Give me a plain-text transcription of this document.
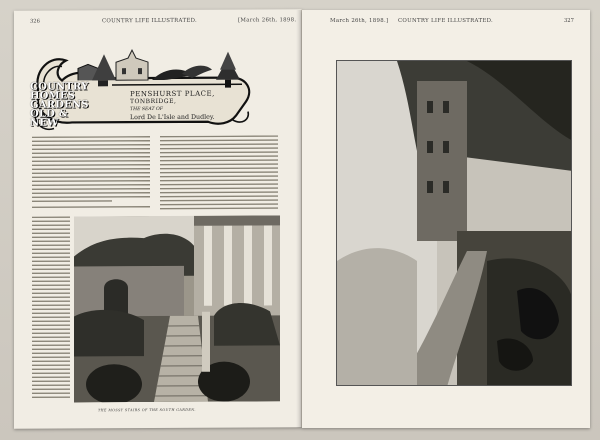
326	COUNTRY LIFE ILLUSTRATED.	[March 26th, 1898.
COUNTRY
HOMES
GARDENS
OLD & NEW
PENSHURST PLACE,
TONBRIDGE,
THE SEAT OF
Lord De L'Isle and Dudley.
THE MOSSY STAIRS OF THE SOUTH GARDEN.
March 26th, 1898.] COUNTRY LIFE ILLUSTRATED.	327
